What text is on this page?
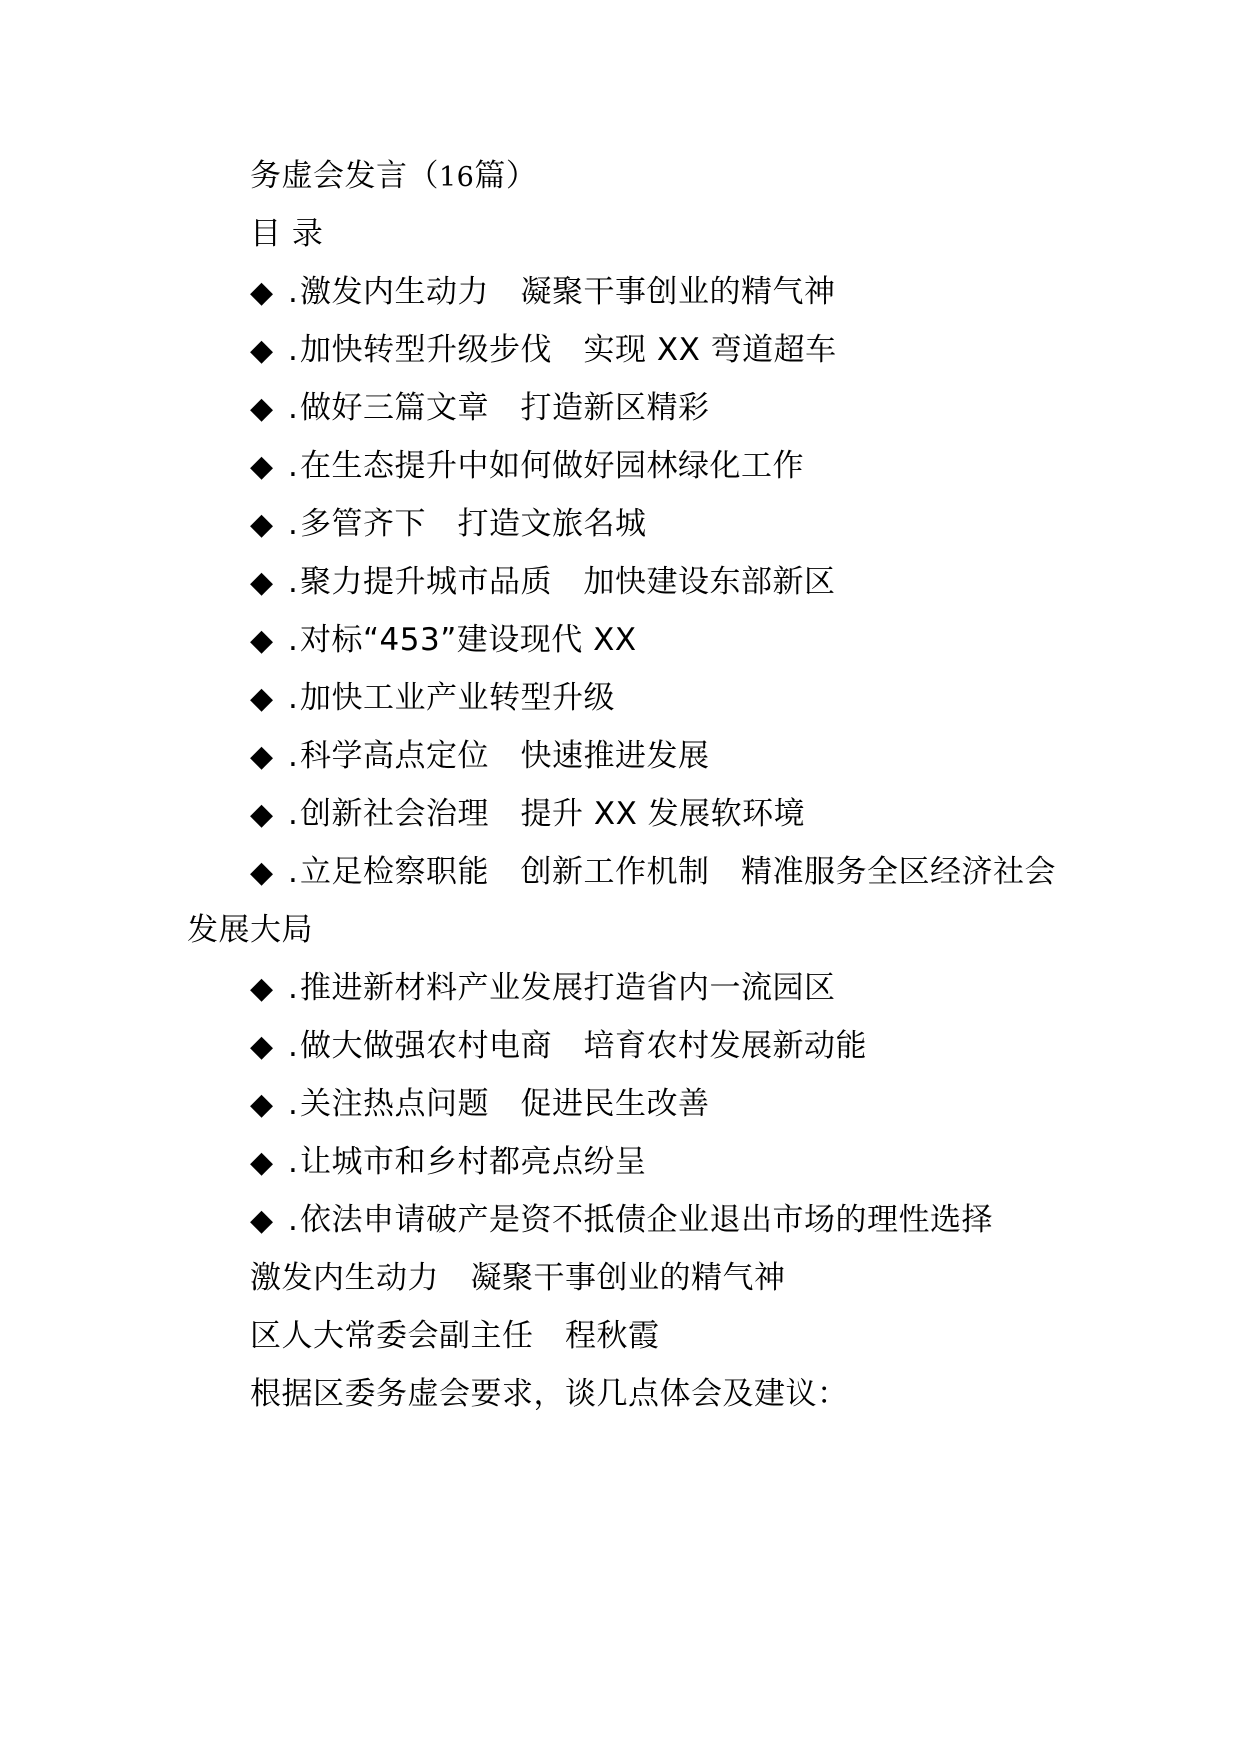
务虚会发言（16篇）
目 录
◆ .激发内生动力　凝聚干事创业的精气神
◆ .加快转型升级步伐　实现 XX 弯道超车
◆ .做好三篇文章　打造新区精彩
◆ .在生态提升中如何做好园林绿化工作
◆ .多管齐下　打造文旅名城
◆ .聚力提升城市品质　加快建设东部新区
◆ .对标“453”建设现代 XX
◆ .加快工业产业转型升级
◆ .科学高点定位　快速推进发展
◆ .创新社会治理　提升 XX 发展软环境
◆ .立足检察职能　创新工作机制　精准服务全区经济社会
发展大局
◆ .推进新材料产业发展打造省内一流园区
◆ .做大做强农村电商　培育农村发展新动能
◆ .关注热点问题　促进民生改善
◆ .让城市和乡村都亮点纷呈
◆ .依法申请破产是资不抵债企业退出市场的理性选择
激发内生动力　凝聚干事创业的精气神
区人大常委会副主任　程秋霞
根据区委务虚会要求，谈几点体会及建议：
